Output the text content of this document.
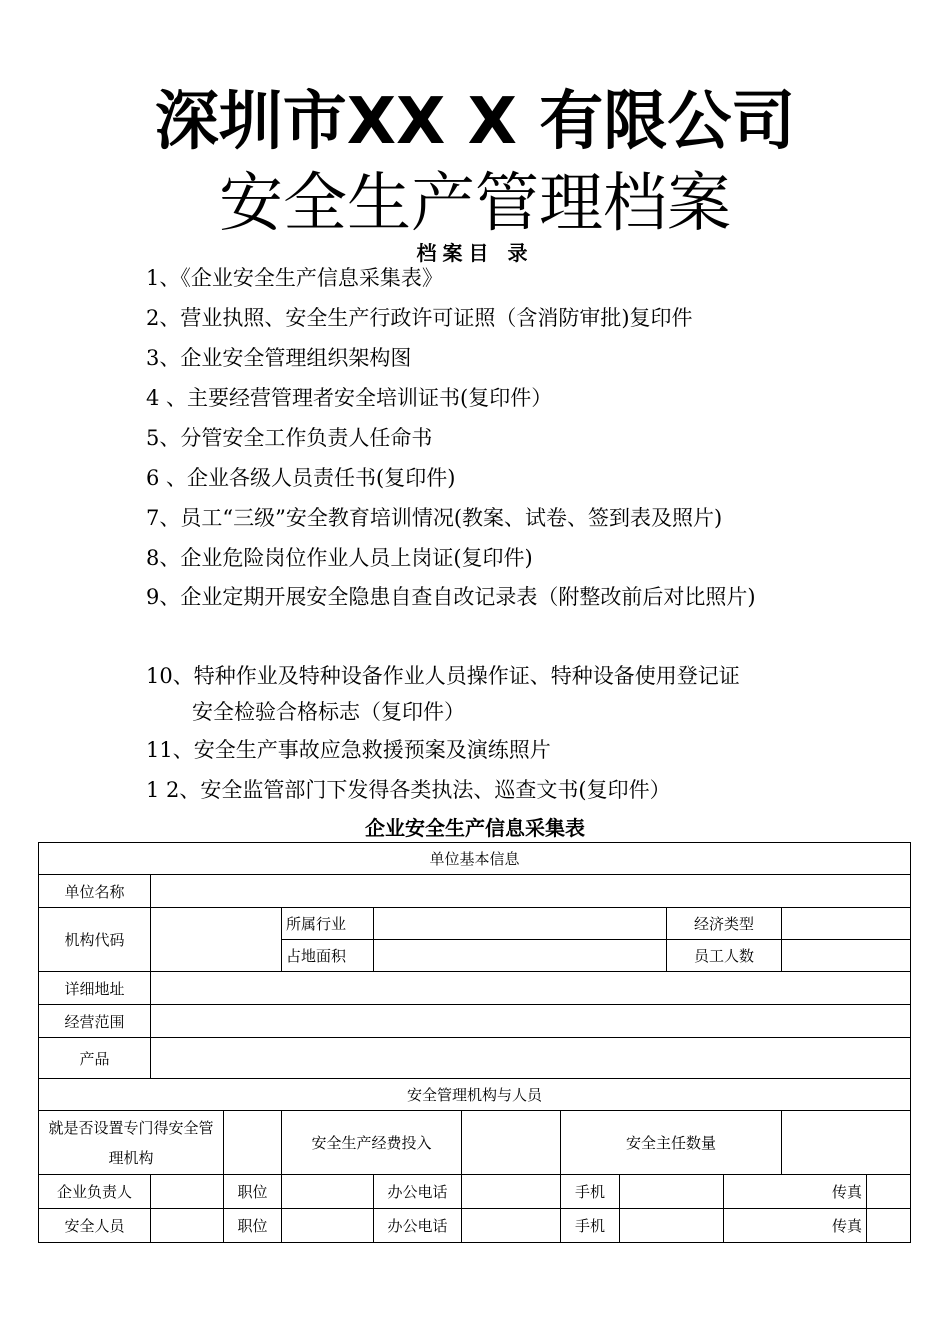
深圳市XX X 有限公司
安全生产管理档案
档案目 录
1、《企业安全生产信息采集表》
2、营业执照、安全生产行政许可证照（含消防审批)复印件
3、企业安全管理组织架构图
4 、主要经营管理者安全培训证书(复印件）
5、分管安全工作负责人任命书
6 、企业各级人员责任书(复印件)
7、员工“三级”安全教育培训情况(教案、试卷、签到表及照片)
8、企业危险岗位作业人员上岗证(复印件)
9、企业定期开展安全隐患自查自改记录表（附整改前后对比照片)
10、特种作业及特种设备作业人员操作证、特种设备使用登记证
安全检验合格标志（复印件）
11、安全生产事故应急救援预案及演练照片
1 2、安全监管部门下发得各类执法、巡查文书(复印件）
企业安全生产信息采集表
单位基本信息											
单位名称											
机构代码			所属行业					经济类型			
			占地面积					员工人数			
详细地址											
经营范围											
产品											
安全管理机构与人员											
就是否设置专门得安全管理机构			安全生产经费投入			安全主任数量					
企业负责人		职位		办公电话		手机			传真		
安全人员		职位		办公电话		手机			传真		
